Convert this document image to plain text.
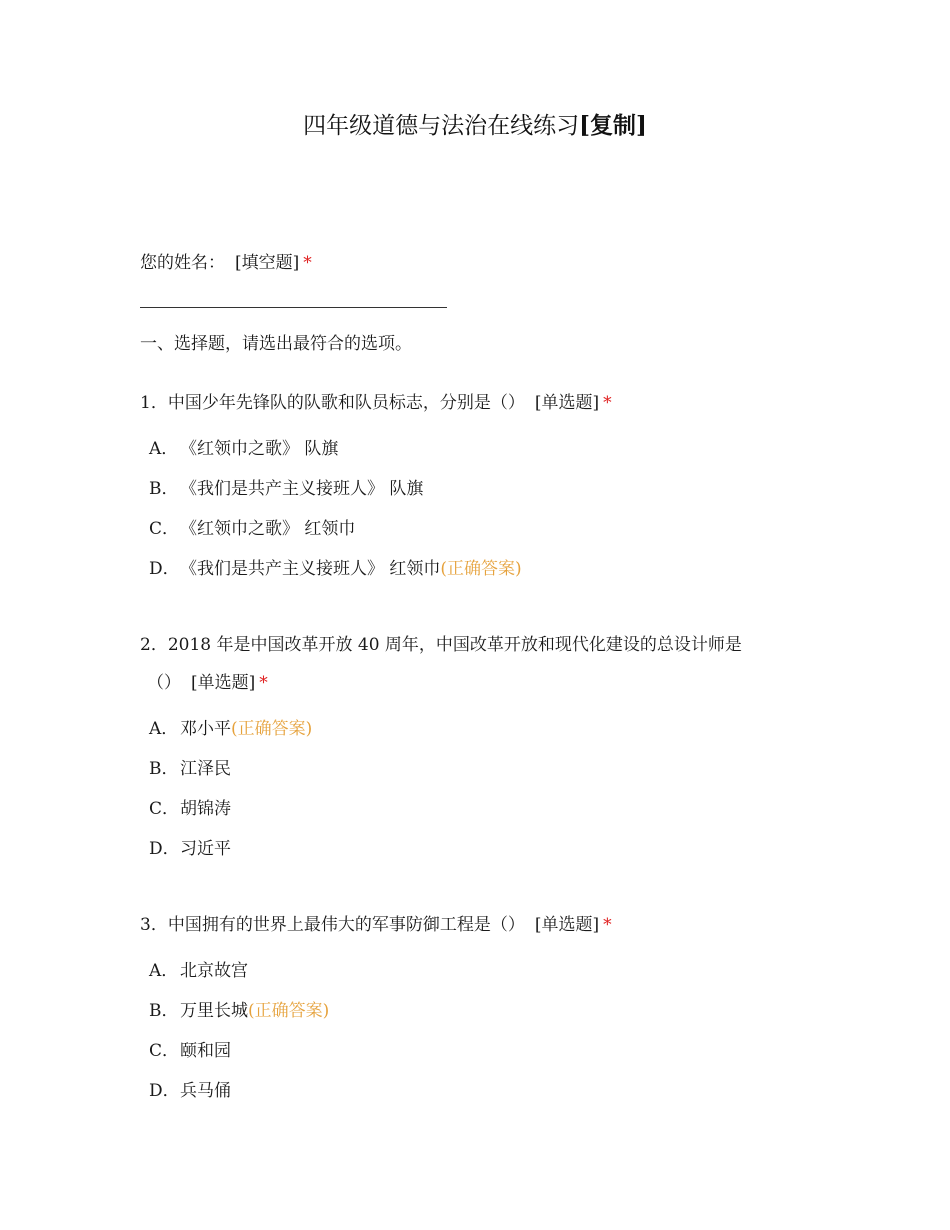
四年级道德与法治在线练习[复制]
您的姓名： [填空题] *
一、选择题，请选出最符合的选项。
1．中国少年先锋队的队歌和队员标志，分别是（） [单选题] *
A． 《红领巾之歌》 队旗
B．《我们是共产主义接班人》 队旗
C．《红领巾之歌》 红领巾
D．《我们是共产主义接班人》 红领巾(正确答案)
2．2018 年是中国改革开放 40 周年，中国改革开放和现代化建设的总设计师是
（） [单选题] *
A． 邓小平(正确答案)
B．江泽民
C．胡锦涛
D．习近平
3．中国拥有的世界上最伟大的军事防御工程是（） [单选题] *
A． 北京故宫
B．万里长城(正确答案)
C．颐和园
D．兵马俑
